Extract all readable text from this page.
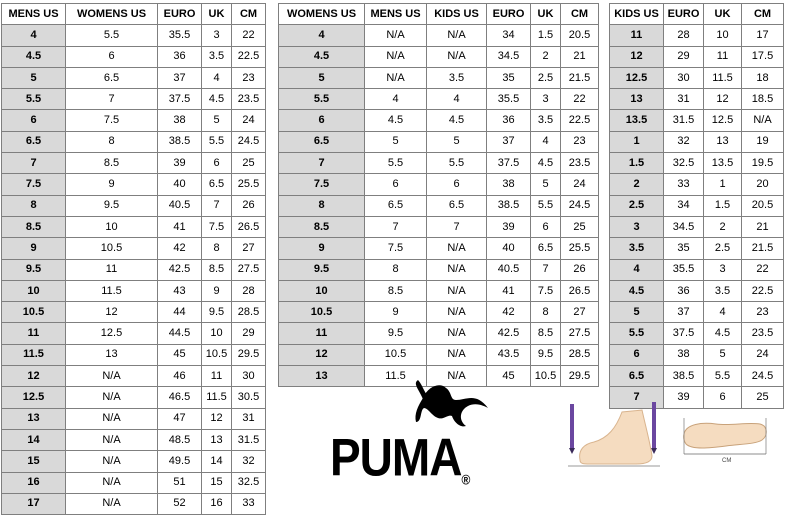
MENS US	WOMENS US	EURO	UK	CM
4	5.5	35.5	3	22
4.5	6	36	3.5	22.5
5	6.5	37	4	23
5.5	7	37.5	4.5	23.5
6	7.5	38	5	24
6.5	8	38.5	5.5	24.5
7	8.5	39	6	25
7.5	9	40	6.5	25.5
8	9.5	40.5	7	26
8.5	10	41	7.5	26.5
9	10.5	42	8	27
9.5	11	42.5	8.5	27.5
10	11.5	43	9	28
10.5	12	44	9.5	28.5
11	12.5	44.5	10	29
11.5	13	45	10.5	29.5
12	N/A	46	11	30
12.5	N/A	46.5	11.5	30.5
13	N/A	47	12	31
14	N/A	48.5	13	31.5
15	N/A	49.5	14	32
16	N/A	51	15	32.5
17	N/A	52	16	33
WOMENS US	MENS US	KIDS US	EURO	UK	CM
4	N/A	N/A	34	1.5	20.5
4.5	N/A	N/A	34.5	2	21
5	N/A	3.5	35	2.5	21.5
5.5	4	4	35.5	3	22
6	4.5	4.5	36	3.5	22.5
6.5	5	5	37	4	23
7	5.5	5.5	37.5	4.5	23.5
7.5	6	6	38	5	24
8	6.5	6.5	38.5	5.5	24.5
8.5	7	7	39	6	25
9	7.5	N/A	40	6.5	25.5
9.5	8	N/A	40.5	7	26
10	8.5	N/A	41	7.5	26.5
10.5	9	N/A	42	8	27
11	9.5	N/A	42.5	8.5	27.5
12	10.5	N/A	43.5	9.5	28.5
13	11.5	N/A	45	10.5	29.5
KIDS US	EURO	UK	CM
11	28	10	17
12	29	11	17.5
12.5	30	11.5	18
13	31	12	18.5
13.5	31.5	12.5	N/A
1	32	13	19
1.5	32.5	13.5	19.5
2	33	1	20
2.5	34	1.5	20.5
3	34.5	2	21
3.5	35	2.5	21.5
4	35.5	3	22
4.5	36	3.5	22.5
5	37	4	23
5.5	37.5	4.5	23.5
6	38	5	24
6.5	38.5	5.5	24.5
7	39	6	25
PUMA®
CM
